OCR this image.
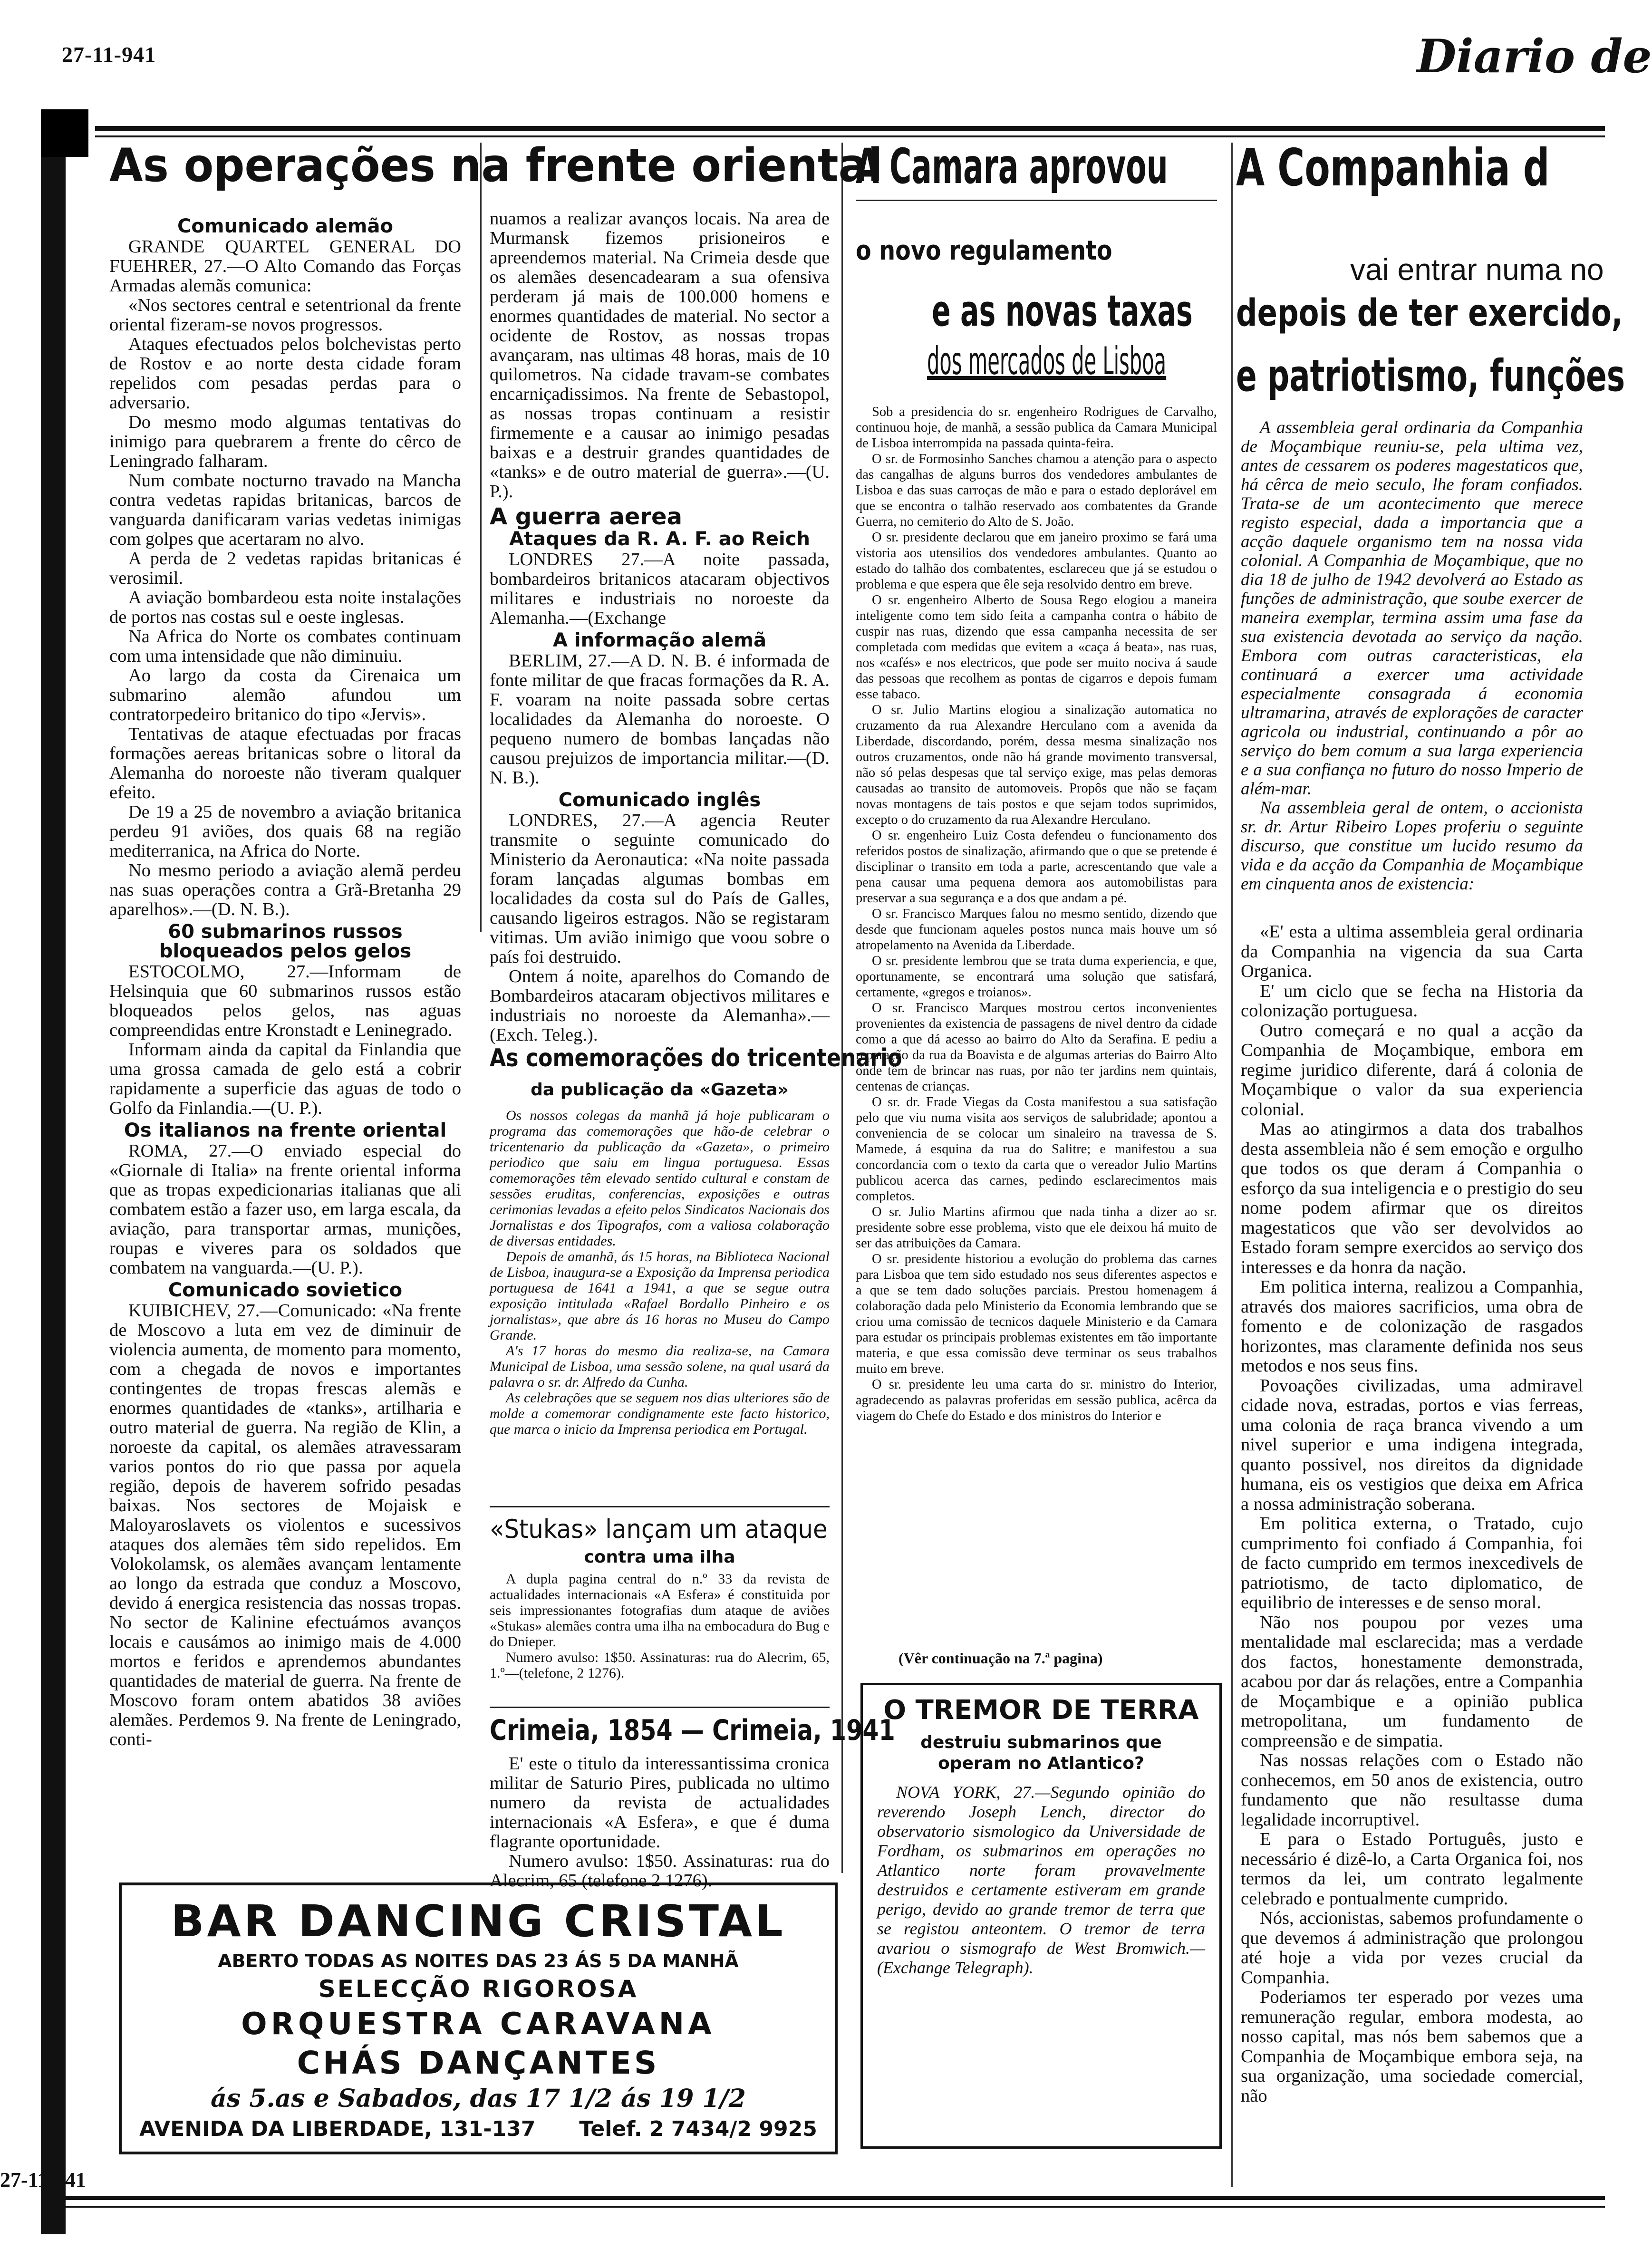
27-11-941	Diario de
As operações na frente oriental
Comunicado alemão

GRANDE QUARTEL GENERAL DO FUEHRER, 27.—O Alto Comando das Forças Armadas alemãs comunica:

«Nos sectores central e setentrional da frente oriental fizeram-se novos progressos.

Ataques efectuados pelos bolchevistas perto de Rostov e ao norte desta cidade foram repelidos com pesadas perdas para o adversario.

Do mesmo modo algumas tentativas do inimigo para quebrarem a frente do cêrco de Leningrado falharam.

Num combate nocturno travado na Mancha contra vedetas rapidas britanicas, barcos de vanguarda danificaram varias vedetas inimigas com golpes que acertaram no alvo.

A perda de 2 vedetas rapidas britanicas é verosimil.

A aviação bombardeou esta noite instalações de portos nas costas sul e oeste inglesas.

Na Africa do Norte os combates continuam com uma intensidade que não diminuiu.

Ao largo da costa da Cirenaica um submarino alemão afundou um contratorpedeiro britanico do tipo «Jervis».

Tentativas de ataque efectuadas por fracas formações aereas britanicas sobre o litoral da Alemanha do noroeste não tiveram qualquer efeito.

De 19 a 25 de novembro a aviação britanica perdeu 91 aviões, dos quais 68 na região mediterranica, na Africa do Norte.

No mesmo periodo a aviação alemã perdeu nas suas operações contra a Grã-Bretanha 29 aparelhos».—(D. N. B.).

60 submarinos russos bloqueados pelos gelos

ESTOCOLMO, 27.—Informam de Helsinquia que 60 submarinos russos estão bloqueados pelos gelos, nas aguas compreendidas entre Kronstadt e Leninegrado.

Informam ainda da capital da Finlandia que uma grossa camada de gelo está a cobrir rapidamente a superficie das aguas de todo o Golfo da Finlandia.—(U. P.).

Os italianos na frente oriental

ROMA, 27.—O enviado especial do «Giornale di Italia» na frente oriental informa que as tropas expedicionarias italianas que ali combatem estão a fazer uso, em larga escala, da aviação, para transportar armas, munições, roupas e viveres para os soldados que combatem na vanguarda.—(U. P.).

Comunicado sovietico

KUIBICHEV, 27.—Comunicado: «Na frente de Moscovo a luta em vez de diminuir de violencia aumenta, de momento para momento, com a chegada de novos e importantes contingentes de tropas frescas alemãs e enormes quantidades de «tanks», artilharia e outro material de guerra. Na região de Klin, a noroeste da capital, os alemães atravessaram varios pontos do rio que passa por aquela região, depois de haverem sofrido pesadas baixas. Nos sectores de Mojaisk e Maloyaroslavets os violentos e sucessivos ataques dos alemães têm sido repelidos. Em Volokolamsk, os alemães avançam lentamente ao longo da estrada que conduz a Moscovo, devido á energica resistencia das nossas tropas. No sector de Kalinine efectuámos avanços locais e causámos ao inimigo mais de 4.000 mortos e feridos e aprendemos abundantes quantidades de material de guerra. Na frente de Moscovo foram ontem abatidos 38 aviões alemães. Perdemos 9. Na frente de Leningrado, conti-

nuamos a realizar avanços locais. Na area de Murmansk fizemos prisioneiros e apreendemos material. Na Crimeia desde que os alemães desencadearam a sua ofensiva perderam já mais de 100.000 homens e enormes quantidades de material. No sector a ocidente de Rostov, as nossas tropas avançaram, nas ultimas 48 horas, mais de 10 quilometros. Na cidade travam-se combates encarniçadissimos. Na frente de Sebastopol, as nossas tropas continuam a resistir firmemente e a causar ao inimigo pesadas baixas e a destruir grandes quantidades de «tanks» e de outro material de guerra».—(U. P.).

A guerra aerea
Ataques da R. A. F. ao Reich

LONDRES 27.—A noite passada, bombardeiros britanicos atacaram objectivos militares e industriais no noroeste da Alemanha.—(Exchange

A informação alemã

BERLIM, 27.—A D. N. B. é informada de fonte militar de que fracas formações da R. A. F. voaram na noite passada sobre certas localidades da Alemanha do noroeste. O pequeno numero de bombas lançadas não causou prejuizos de importancia militar.—(D. N. B.).

Comunicado inglês

LONDRES, 27.—A agencia Reuter transmite o seguinte comunicado do Ministerio da Aeronautica: «Na noite passada foram lançadas algumas bombas em localidades da costa sul do País de Galles, causando ligeiros estragos. Não se registaram vitimas. Um avião inimigo que voou sobre o país foi destruido.

Ontem á noite, aparelhos do Comando de Bombardeiros atacaram objectivos militares e industriais no noroeste da Alemanha».—(Exch. Teleg.).

As comemorações do tricentenario
da publicação da «Gazeta»

Os nossos colegas da manhã já hoje publicaram o programa das comemorações que hão-de celebrar o tricentenario da publicação da «Gazeta», o primeiro periodico que saiu em lingua portuguesa. Essas comemorações têm elevado sentido cultural e constam de sessões eruditas, conferencias, exposições e outras cerimonias levadas a efeito pelos Sindicatos Nacionais dos Jornalistas e dos Tipografos, com a valiosa colaboração de diversas entidades.

Depois de amanhã, ás 15 horas, na Biblioteca Nacional de Lisboa, inaugura-se a Exposição da Imprensa periodica portuguesa de 1641 a 1941, a que se segue outra exposição intitulada «Rafael Bordallo Pinheiro e os jornalistas», que abre ás 16 horas no Museu do Campo Grande.

A's 17 horas do mesmo dia realiza-se, na Camara Municipal de Lisboa, uma sessão solene, na qual usará da palavra o sr. dr. Alfredo da Cunha.

As celebrações que se seguem nos dias ulteriores são de molde a comemorar condignamente este facto historico, que marca o inicio da Imprensa periodica em Portugal.

«Stukas» lançam um ataque
contra uma ilha

A dupla pagina central do n.º 33 da revista de actualidades internacionais «A Esfera» é constituida por seis impressionantes fotografias dum ataque de aviões «Stukas» alemães contra uma ilha na embocadura do Bug e do Dnieper.

Numero avulso: 1$50. Assinaturas: rua do Alecrim, 65, 1.º—(telefone, 2 1276).

Crimeia, 1854 — Crimeia, 1941

E' este o titulo da interessantissima cronica militar de Saturio Pires, publicada no ultimo numero da revista de actualidades internacionais «A Esfera», e que é duma flagrante oportunidade.

Numero avulso: 1$50. Assinaturas: rua do Alecrim, 65 (telefone 2 1276).

BAR DANCING CRISTAL
ABERTO TODAS AS NOITES DAS 23 ÁS 5 DA MANHÃ
SELECÇÃO RIGOROSA
ORQUESTRA CARAVANA
CHÁS DANÇANTES
ás 5.as e Sabados, das 17 1/2 ás 19 1/2
AVENIDA DA LIBERDADE, 131-137      Telef. 2 7434/2 9925
A Camara aprovou
o novo regulamento
e as novas taxas
dos mercados de Lisboa

Sob a presidencia do sr. engenheiro Rodrigues de Carvalho, continuou hoje, de manhã, a sessão publica da Camara Municipal de Lisboa interrompida na passada quinta-feira.

O sr. de Formosinho Sanches chamou a atenção para o aspecto das cangalhas de alguns burros dos vendedores ambulantes de Lisboa e das suas carroças de mão e para o estado deplorável em que se encontra o talhão reservado aos combatentes da Grande Guerra, no cemiterio do Alto de S. João.

O sr. presidente declarou que em janeiro proximo se fará uma vistoria aos utensilios dos vendedores ambulantes. Quanto ao estado do talhão dos combatentes, esclareceu que já se estudou o problema e que espera que êle seja resolvido dentro em breve.

O sr. engenheiro Alberto de Sousa Rego elogiou a maneira inteligente como tem sido feita a campanha contra o hábito de cuspir nas ruas, dizendo que essa campanha necessita de ser completada com medidas que evitem a «caça á beata», nas ruas, nos «cafés» e nos electricos, que pode ser muito nociva á saude das pessoas que recolhem as pontas de cigarros e depois fumam esse tabaco.

O sr. Julio Martins elogiou a sinalização automatica no cruzamento da rua Alexandre Herculano com a avenida da Liberdade, discordando, porém, dessa mesma sinalização nos outros cruzamentos, onde não há grande movimento transversal, não só pelas despesas que tal serviço exige, mas pelas demoras causadas ao transito de automoveis. Propôs que não se façam novas montagens de tais postos e que sejam todos suprimidos, excepto o do cruzamento da rua Alexandre Herculano.

O sr. engenheiro Luiz Costa defendeu o funcionamento dos referidos postos de sinalização, afirmando que o que se pretende é disciplinar o transito em toda a parte, acrescentando que vale a pena causar uma pequena demora aos automobilistas para preservar a sua segurança e a dos que andam a pé.

O sr. Francisco Marques falou no mesmo sentido, dizendo que desde que funcionam aqueles postos nunca mais houve um só atropelamento na Avenida da Liberdade.

O sr. presidente lembrou que se trata duma experiencia, e que, oportunamente, se encontrará uma solução que satisfará, certamente, «gregos e troianos».

O sr. Francisco Marques mostrou certos inconvenientes provenientes da existencia de passagens de nivel dentro da cidade como a que dá acesso ao bairro do Alto da Serafina. E pediu a reparação da rua da Boavista e de algumas arterias do Bairro Alto onde têm de brincar nas ruas, por não ter jardins nem quintais, centenas de crianças.

O sr. dr. Frade Viegas da Costa manifestou a sua satisfação pelo que viu numa visita aos serviços de salubridade; apontou a conveniencia de se colocar um sinaleiro na travessa de S. Mamede, á esquina da rua do Salitre; e manifestou a sua concordancia com o texto da carta que o vereador Julio Martins publicou acerca das carnes, pedindo esclarecimentos mais completos.

O sr. Julio Martins afirmou que nada tinha a dizer ao sr. presidente sobre esse problema, visto que ele deixou há muito de ser das atribuições da Camara.

O sr. presidente historiou a evolução do problema das carnes para Lisboa que tem sido estudado nos seus diferentes aspectos e a que se tem dado soluções parciais. Prestou homenagem á colaboração dada pelo Ministerio da Economia lembrando que se criou uma comissão de tecnicos daquele Ministerio e da Camara para estudar os principais problemas existentes em tão importante materia, e que essa comissão deve terminar os seus trabalhos muito em breve.

O sr. presidente leu uma carta do sr. ministro do Interior, agradecendo as palavras proferidas em sessão publica, acêrca da viagem do Chefe do Estado e dos ministros do Interior e

(Vêr continuação na 7.ª pagina)
O TREMOR DE TERRA
destruiu submarinos que operam no Atlantico?

NOVA YORK, 27.—Segundo opinião do reverendo Joseph Lench, director do observatorio sismologico da Universidade de Fordham, os submarinos em operações no Atlantico norte foram provavelmente destruidos e certamente estiveram em grande perigo, devido ao grande tremor de terra que se registou anteontem. O tremor de terra avariou o sismografo de West Bromwich.—(Exchange Telegraph).

A Companhia d
vai entrar numa no
depois de ter exercido,
e patriotismo, funções

A assembleia geral ordinaria da Companhia de Moçambique reuniu-se, pela ultima vez, antes de cessarem os poderes magestaticos que, há cêrca de meio seculo, lhe foram confiados. Trata-se de um acontecimento que merece registo especial, dada a importancia que a acção daquele organismo tem na nossa vida colonial. A Companhia de Moçambique, que no dia 18 de julho de 1942 devolverá ao Estado as funções de administração, que soube exercer de maneira exemplar, termina assim uma fase da sua existencia devotada ao serviço da nação. Embora com outras caracteristicas, ela continuará a exercer uma actividade especialmente consagrada á economia ultramarina, através de explorações de caracter agricola ou industrial, continuando a pôr ao serviço do bem comum a sua larga experiencia e a sua confiança no futuro do nosso Imperio de além-mar.

Na assembleia geral de ontem, o accionista sr. dr. Artur Ribeiro Lopes proferiu o seguinte discurso, que constitue um lucido resumo da vida e da acção da Companhia de Moçambique em cinquenta anos de existencia:

«E' esta a ultima assembleia geral ordinaria da Companhia na vigencia da sua Carta Organica.

E' um ciclo que se fecha na Historia da colonização portuguesa.

Outro começará e no qual a acção da Companhia de Moçambique, embora em regime juridico diferente, dará á colonia de Moçambique o valor da sua experiencia colonial.

Mas ao atingirmos a data dos trabalhos desta assembleia não é sem emoção e orgulho que todos os que deram á Companhia o esforço da sua inteligencia e o prestigio do seu nome podem afirmar que os direitos magestaticos que vão ser devolvidos ao Estado foram sempre exercidos ao serviço dos interesses e da honra da nação.

Em politica interna, realizou a Companhia, através dos maiores sacrificios, uma obra de fomento e de colonização de rasgados horizontes, mas claramente definida nos seus metodos e nos seus fins.

Povoações civilizadas, uma admiravel cidade nova, estradas, portos e vias ferreas, uma colonia de raça branca vivendo a um nivel superior e uma indigena integrada, quanto possivel, nos direitos da dignidade humana, eis os vestigios que deixa em Africa a nossa administração soberana.

Em politica externa, o Tratado, cujo cumprimento foi confiado á Companhia, foi de facto cumprido em termos inexcedivels de patriotismo, de tacto diplomatico, de equilibrio de interesses e de senso moral.

Não nos poupou por vezes uma mentalidade mal esclarecida; mas a verdade dos factos, honestamente demonstrada, acabou por dar ás relações, entre a Companhia de Moçambique e a opinião publica metropolitana, um fundamento de compreensão e de simpatia.

Nas nossas relações com o Estado não conhecemos, em 50 anos de existencia, outro fundamento que não resultasse duma legalidade incorruptivel.

E para o Estado Português, justo e necessário é dizê-lo, a Carta Organica foi, nos termos da lei, um contrato legalmente celebrado e pontualmente cumprido.

Nós, accionistas, sabemos profundamente o que devemos á administração que prolongou até hoje a vida por vezes crucial da Companhia.

Poderiamos ter esperado por vezes uma remuneração regular, embora modesta, ao nosso capital, mas nós bem sabemos que a Companhia de Moçambique embora seja, na sua organização, uma sociedade comercial, não

27-11-941
